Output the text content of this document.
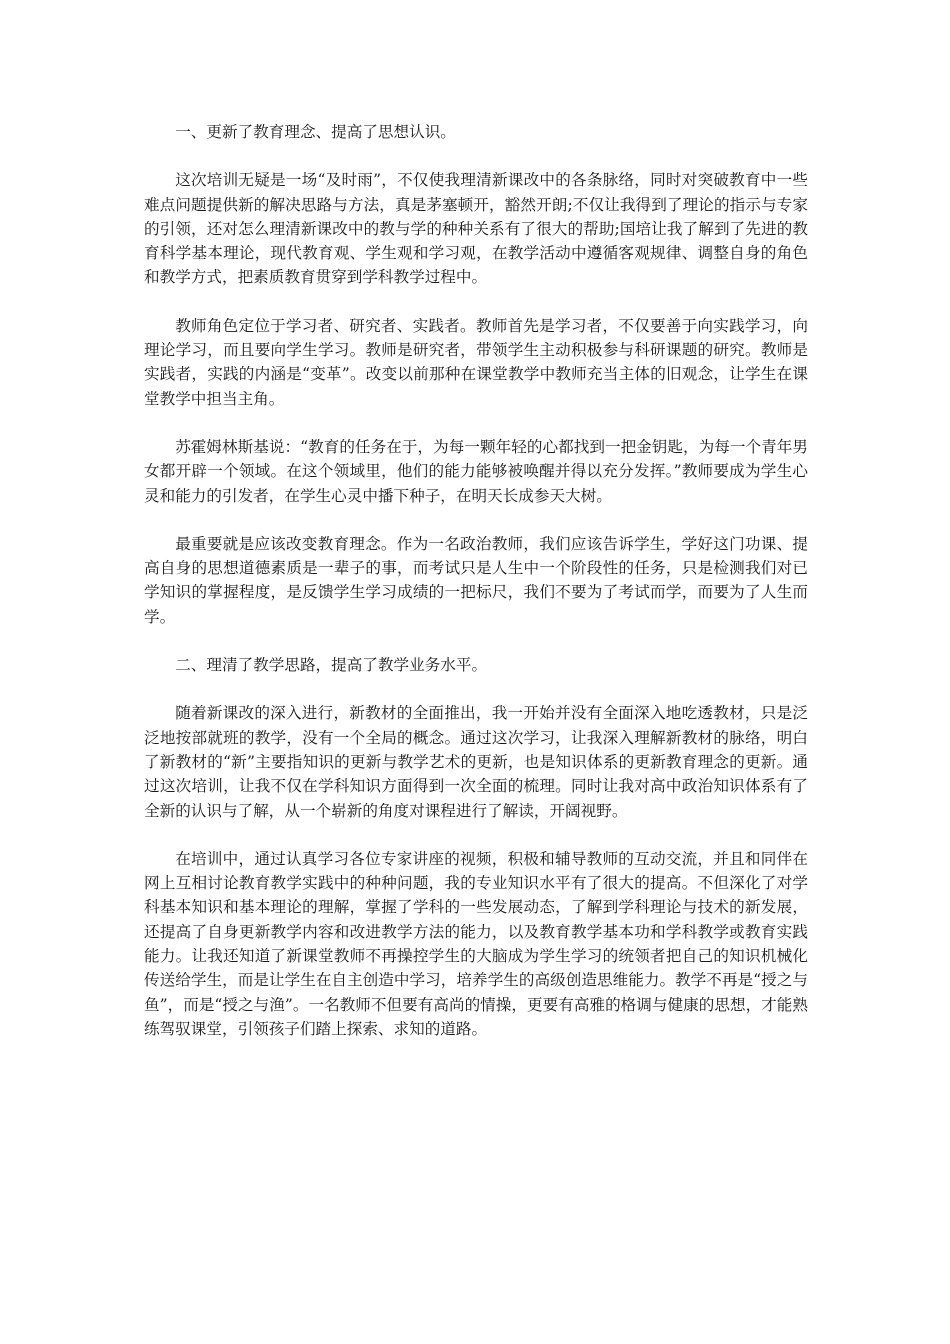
一、更新了教育理念、提高了思想认识。

这次培训无疑是一场“及时雨”，不仅使我理清新课改中的各条脉络，同时对突破教育中一些难点问题提供新的解决思路与方法，真是茅塞顿开，豁然开朗;不仅让我得到了理论的指示与专家的引领，还对怎么理清新课改中的教与学的种种关系有了很大的帮助;国培让我了解到了先进的教育科学基本理论，现代教育观、学生观和学习观，在教学活动中遵循客观规律、调整自身的角色和教学方式，把素质教育贯穿到学科教学过程中。

教师角色定位于学习者、研究者、实践者。教师首先是学习者，不仅要善于向实践学习，向理论学习，而且要向学生学习。教师是研究者，带领学生主动积极参与科研课题的研究。教师是实践者，实践的内涵是“变革”。改变以前那种在课堂教学中教师充当主体的旧观念，让学生在课堂教学中担当主角。

苏霍姆林斯基说：“教育的任务在于，为每一颗年轻的心都找到一把金钥匙，为每一个青年男女都开辟一个领域。在这个领域里，他们的能力能够被唤醒并得以充分发挥。”教师要成为学生心灵和能力的引发者，在学生心灵中播下种子，在明天长成参天大树。

最重要就是应该改变教育理念。作为一名政治教师，我们应该告诉学生，学好这门功课、提高自身的思想道德素质是一辈子的事，而考试只是人生中一个阶段性的任务，只是检测我们对已学知识的掌握程度，是反馈学生学习成绩的一把标尺，我们不要为了考试而学，而要为了人生而学。

二、理清了教学思路，提高了教学业务水平。

随着新课改的深入进行，新教材的全面推出，我一开始并没有全面深入地吃透教材，只是泛泛地按部就班的教学，没有一个全局的概念。通过这次学习，让我深入理解新教材的脉络，明白了新教材的“新”主要指知识的更新与教学艺术的更新，也是知识体系的更新教育理念的更新。通过这次培训，让我不仅在学科知识方面得到一次全面的梳理。同时让我对高中政治知识体系有了全新的认识与了解，从一个崭新的角度对课程进行了解读，开阔视野。

在培训中，通过认真学习各位专家讲座的视频，积极和辅导教师的互动交流，并且和同伴在网上互相讨论教育教学实践中的种种问题，我的专业知识水平有了很大的提高。不但深化了对学科基本知识和基本理论的理解，掌握了学科的一些发展动态，了解到学科理论与技术的新发展，还提高了自身更新教学内容和改进教学方法的能力，以及教育教学基本功和学科教学或教育实践能力。让我还知道了新课堂教师不再操控学生的大脑成为学生学习的统领者把自己的知识机械化传送给学生，而是让学生在自主创造中学习，培养学生的高级创造思维能力。教学不再是“授之与鱼”，而是“授之与渔”。一名教师不但要有高尚的情操，更要有高雅的格调与健康的思想，才能熟练驾驭课堂，引领孩子们踏上探索、求知的道路。
